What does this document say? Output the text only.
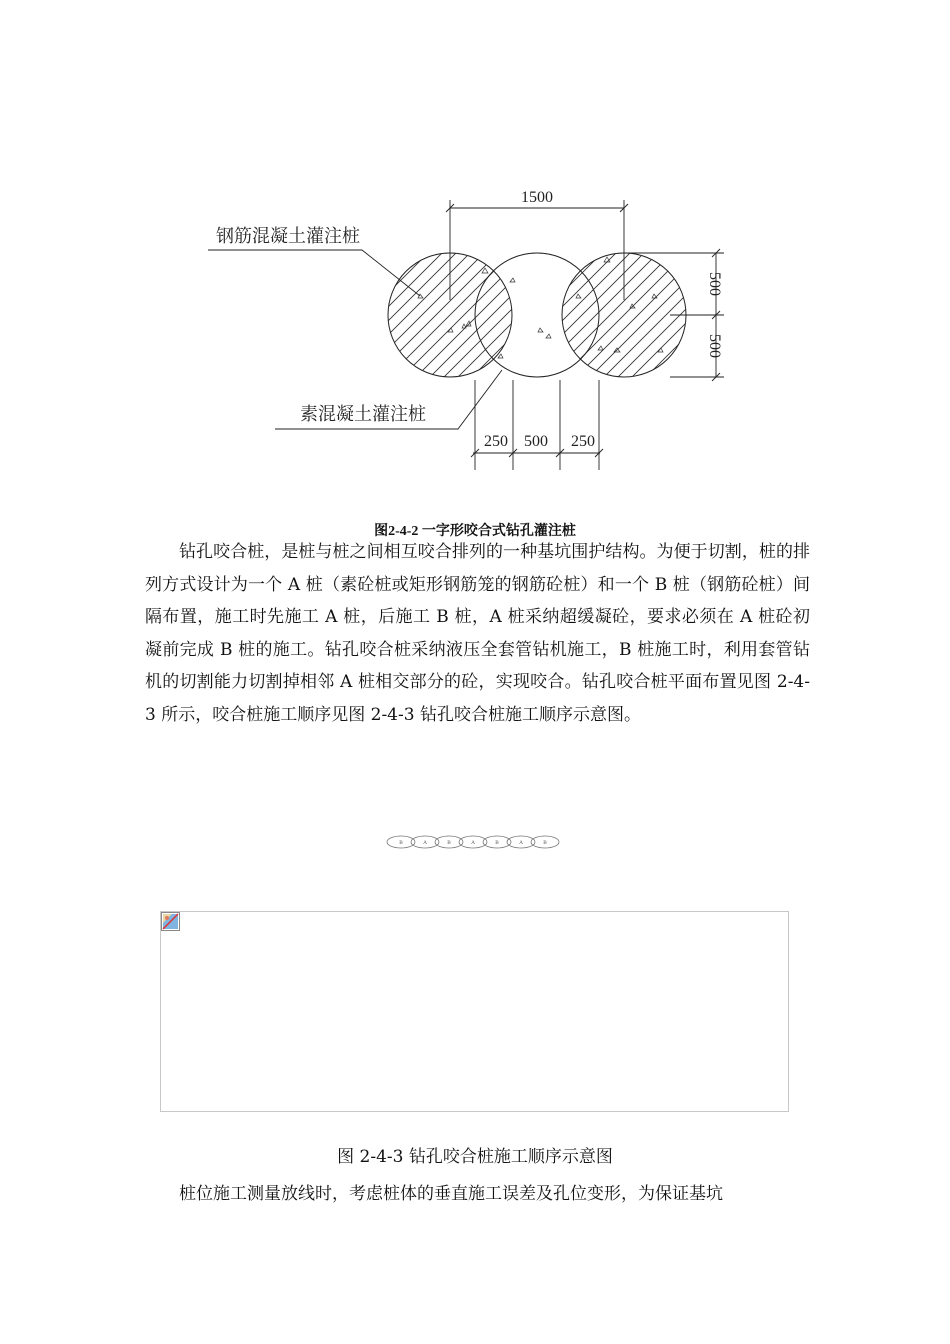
1500
500
500
250 500 250
钢筋混凝土灌注桩
素混凝土灌注桩
图2-4-2 一字形咬合式钻孔灌注桩

钻孔咬合桩，是桩与桩之间相互咬合排列的一种基坑围护结构。为便于切割，桩的排列方式设计为一个 A 桩（素砼桩或矩形钢筋笼的钢筋砼桩）和一个 B 桩（钢筋砼桩）间隔布置，施工时先施工 A 桩，后施工 B 桩，A 桩采纳超缓凝砼，要求必须在 A 桩砼初凝前完成 B 桩的施工。钻孔咬合桩采纳液压全套管钻机施工，B 桩施工时，利用套管钻机的切割能力切割掉相邻 A 桩相交部分的砼，实现咬合。钻孔咬合桩平面布置见图 2-4-3 所示，咬合桩施工顺序见图 2-4-3 钻孔咬合桩施工顺序示意图。

B	A	B	A	B	A	B
图 2-4-3 钻孔咬合桩施工顺序示意图

桩位施工测量放线时，考虑桩体的垂直施工误差及孔位变形，为保证基坑
